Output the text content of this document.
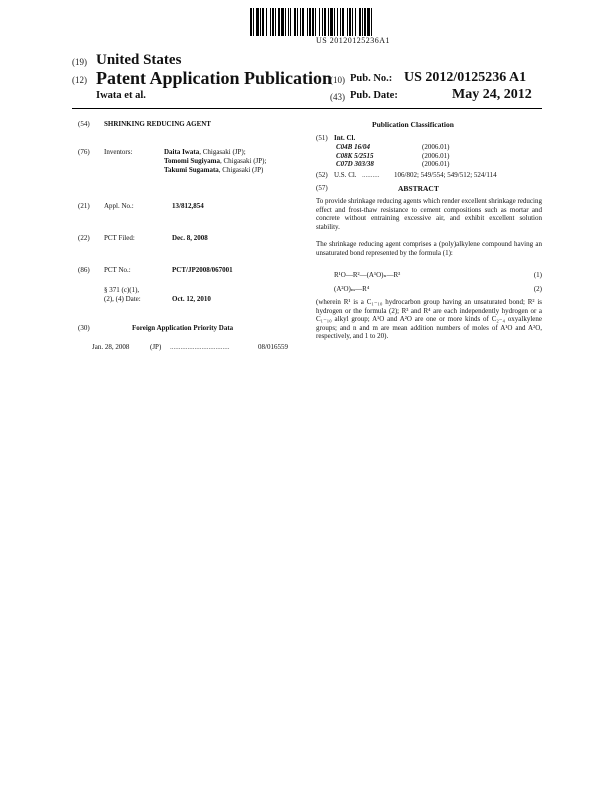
US 20120125236A1
(19) United States
(12) Patent Application Publication
Iwata et al.
(10) Pub. No.: US 2012/0125236 A1
(43) Pub. Date:	May 24, 2012
(54) SHRINKING REDUCING AGENT
(76) Inventors:	Daita Iwata, Chigasaki (JP);
Tomomi Sugiyama, Chigasaki (JP);
Takumi Sugamata, Chigasaki (JP)
(21) Appl. No.:	13/812,854
(22) PCT Filed:	Dec. 8, 2008
(86) PCT No.:	PCT/JP2008/067001
§ 371 (c)(1),
(2), (4) Date:	Oct. 12, 2010
(30)	Foreign Application Priority Data
Jan. 28, 2008	(JP) ..................................	08/016559
Publication Classification
(51) Int. Cl.
C04B 16/04	(2006.01)
C08K 5/2515	(2006.01)
C07D 303/38	(2006.01)
(52) U.S. Cl. .......... 106/802; 549/554; 549/512; 524/114
(57)	ABSTRACT
To provide shrinkage reducing agents which render excellent shrinkage reducing effect and frost-thaw resistance to cement compositions such as mortar and concrete without entraining excessive air, and exhibit excellent solution stability.
The shrinkage reducing agent comprises a (poly)alkylene compound having an unsaturated bond represented by the formula (1):
R¹O—R²—(A¹O)ₙ—R³	(1)
(A²O)ₘ—R⁴	(2)
(wherein R¹ is a C₁₋₁₀ hydrocarbon group having an unsaturated bond; R² is hydrogen or the formula (2); R³ and R⁴ are each independently hydrogen or a C₁₋₁₀ alkyl group; A¹O and A²O are one or more kinds of C₂₋₄ oxyalkylene groups; and n and m are mean addition numbers of moles of A¹O and A²O, respectively, and 1 to 20).
